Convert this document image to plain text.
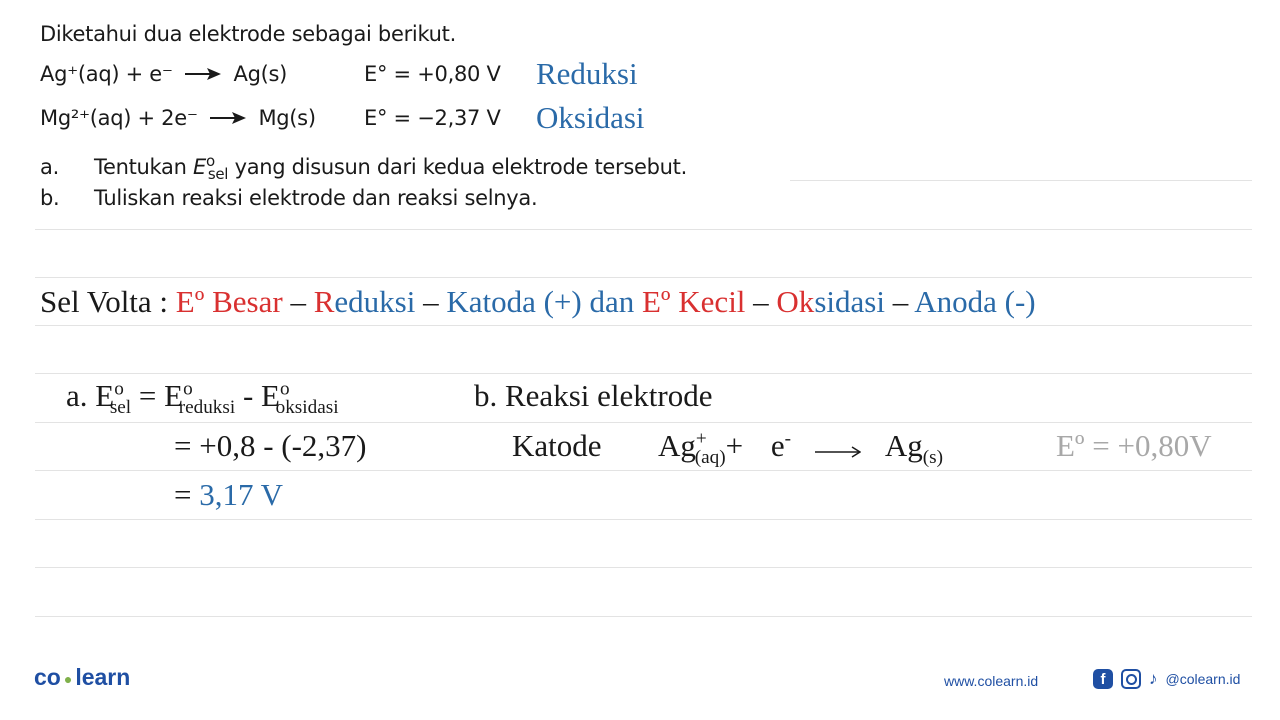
Diketahui dua elektrode sebagai berikut.
Ag⁺(aq) + e⁻ → Ag(s)	E° = +0,80 V Reduksi
Mg²⁺(aq) + 2e⁻ → Mg(s) E° = −2,37 V Oksidasi
a. Tentukan $E^o_{sel}$ yang disusun dari kedua elektrode tersebut.
b. Tuliskan reaksi elektrode dan reaksi selnya.
Sel Volta : Eº Besar – Reduksi – Katoda (+) dan Eº Kecil – Oksidasi – Anoda (-)
a. $E^o_{sel} = E^o_{reduksi} - E^o_{oksidasi}$
= +0,8 - (-2,37)
= 3,17 V
b. Reaksi elektrode
Katode $Ag^+_{(aq)}+ e^- \to Ag_{(s)}$	Eº = +0,80V
co ● learn	www.colearn.id	f	♪ @colearn.id
